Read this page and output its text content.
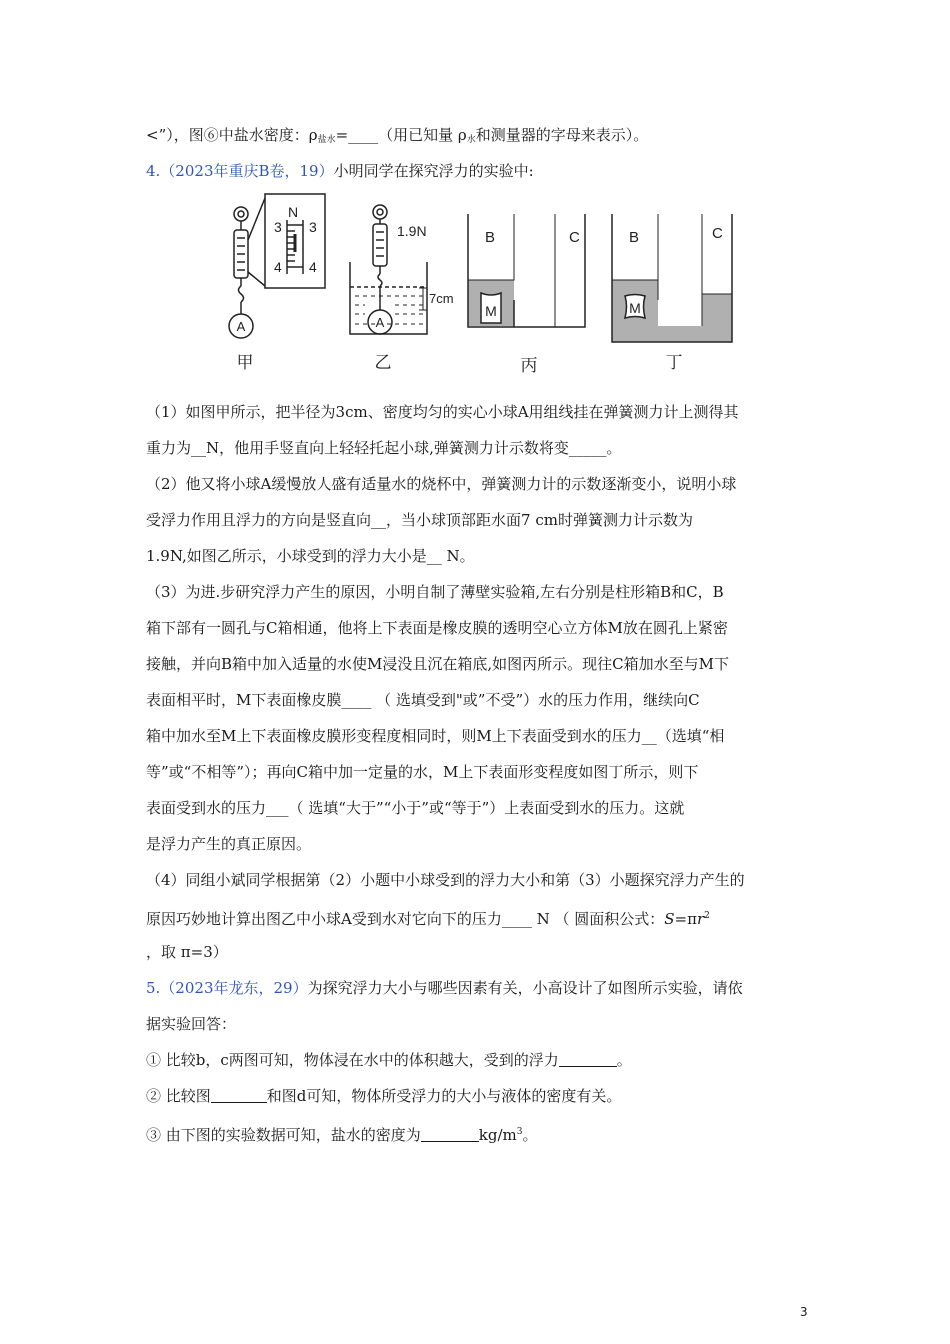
<”），图⑥中盐水密度：$\rho_{盐水}=\_\_\_\_$（用已知量 $\rho_水$和测量器的字母来表示）。
4.（2023年重庆B卷，19）小明同学在探究浮力的实验中:
N
3 3
4 4
A
1.9N
7cm
A
B	C
M
B	C
M
甲	乙	丙	丁
（1）如图甲所示，把半径为3cm、密度均匀的实心小球A用组线挂在弹簧测力计上测得其
重力为__N，他用手竖直向上轻轻托起小球,弹簧测力计示数将变_____。
（2）他又将小球A缓慢放人盛有适量水的烧杯中，弹簧测力计的示数逐渐变小，说明小球
受浮力作用且浮力的方向是竖直向__，当小球顶部距水面7 cm时弹簧测力计示数为
1.9N,如图乙所示，小球受到的浮力大小是__ N。
（3）为进.步研究浮力产生的原因，小明自制了薄壁实验箱,左右分别是柱形箱B和C，B
箱下部有一圆孔与C箱相通，他将上下表面是橡皮膜的透明空心立方体M放在圆孔上紧密
接触，并向B箱中加入适量的水使M浸没且沉在箱底,如图丙所示。现往C箱加水至与M下
表面相平时，M下表面橡皮膜____ （ 选填受到"或”不受”）水的压力作用，继续向C
箱中加水至M上下表面橡皮膜形变程度相同时，则M上下表面受到水的压力__（选填“相
等”或“不相等”）；再向C箱中加一定量的水，M上下表面形变程度如图丁所示，则下
表面受到水的压力___（ 选填“大于”“小于”或“等于”）上表面受到水的压力。这就
是浮力产生的真正原因。
（4）同组小斌同学根据第（2）小题中小球受到的浮力大小和第（3）小题探究浮力产生的
原因巧妙地计算出图乙中小球A受到水对它向下的压力____ N （ 圆面积公式：$S=\pi r^2$
，取 π=3）
5.（2023年龙东，29）为探究浮力大小与哪些因素有关，小高设计了如图所示实验，请依
据实验回答：
① 比较b，c两图可知，物体浸在水中的体积越大，受到的浮力	。
② 比较图	和图d可知，物体所受浮力的大小与液体的密度有关。
③ 由下图的实验数据可知，盐水的密度为	$kg/m^3$。
3
